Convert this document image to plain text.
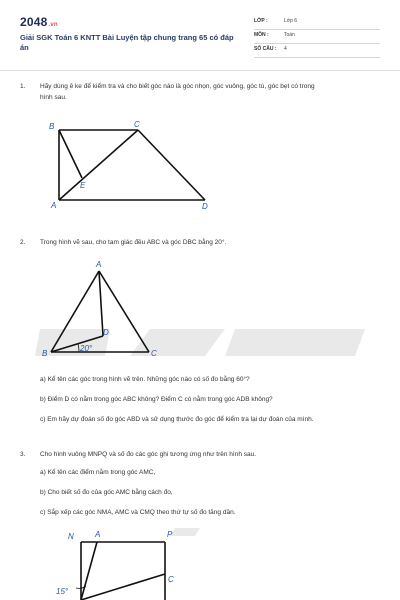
2048.vn
Giải SGK Toán 6 KNTT Bài Luyện tập chung trang 65 có đáp án
LỚP :	Lớp 6
MÔN :	Toán
SỐ CÂU : 4
1. Hãy dùng ê ke để kiểm tra và cho biết góc nào là góc nhọn, góc vuông, góc tù, góc bẹt có trong
hình sau.
B	C
A	D
E
2. Trong hình vẽ sau, cho tam giác đều ABC và góc DBC bằng 20°.
A
B	C
D
20°
a) Kể tên các góc trong hình vẽ trên. Những góc nào có số đo bằng 60°?
b) Điểm D có nằm trong góc ABC không? Điểm C có nằm trong góc ADB không?
c) Em hãy dự đoán số đo góc ABD và sử dụng thước đo góc để kiểm tra lại dự đoán của mình.
3. Cho hình vuông MNPQ và số đo các góc ghi tương ứng như trên hình sau.
a) Kể tên các điểm nằm trong góc AMC,
b) Cho biết số đo của góc AMC bằng cách đo,
c) Sắp xếp các góc NMA, AMC và CMQ theo thứ tự số đo tăng dần.
N	A	P
C
15°
